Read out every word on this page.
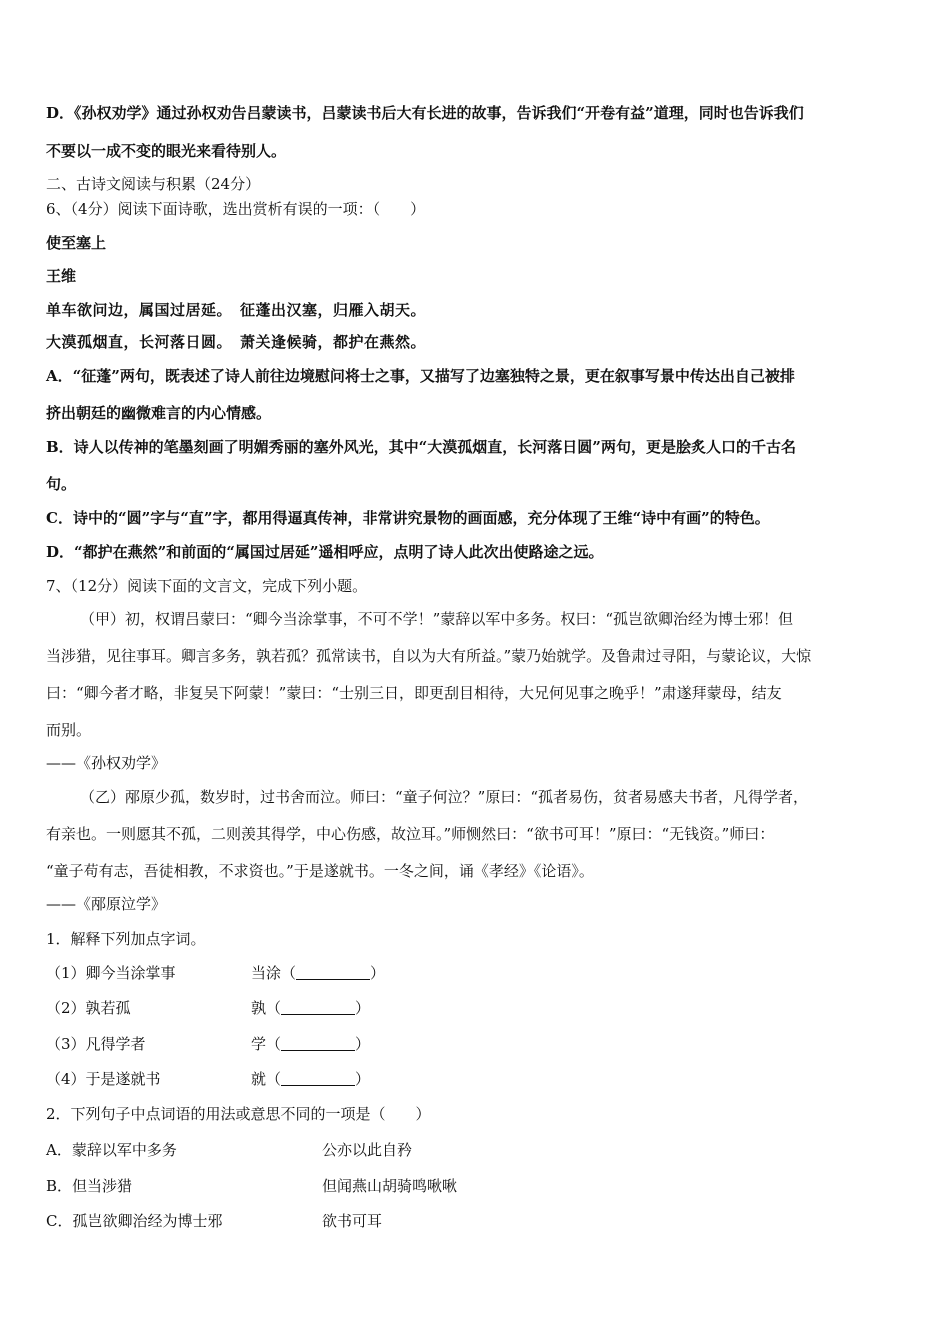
D．《孙权劝学》通过孙权劝告吕蒙读书，吕蒙读书后大有长进的故事，告诉我们“开卷有益”道理，同时也告诉我们
不要以一成不变的眼光来看待别人。
二、古诗文阅读与积累（24分）
6、（4分）阅读下面诗歌，选出赏析有误的一项：（　　）
使至塞上
王维
单车欲问边，属国过居延。　征蓬出汉塞，归雁入胡天。
大漠孤烟直，长河落日圆。　萧关逢候骑，都护在燕然。
A．“征蓬”两句，既表述了诗人前往边境慰问将士之事，又描写了边塞独特之景，更在叙事写景中传达出自己被排
挤出朝廷的幽微难言的内心情感。
B．诗人以传神的笔墨刻画了明媚秀丽的塞外风光，其中“大漠孤烟直，长河落日圆”两句，更是脍炙人口的千古名
句。
C．诗中的“圆”字与“直”字，都用得逼真传神，非常讲究景物的画面感，充分体现了王维“诗中有画”的特色。
D．“都护在燕然”和前面的“属国过居延”遥相呼应，点明了诗人此次出使路途之远。
7、（12分）阅读下面的文言文，完成下列小题。
（甲）初，权谓吕蒙曰：“卿今当涂掌事，不可不学！”蒙辞以军中多务。权曰：“孤岂欲卿治经为博士邪！但
当涉猎，见往事耳。卿言多务，孰若孤？孤常读书，自以为大有所益。”蒙乃始就学。及鲁肃过寻阳，与蒙论议，大惊
曰：“卿今者才略，非复吴下阿蒙！”蒙曰：“士别三日，即更刮目相待，大兄何见事之晚乎！”肃遂拜蒙母，结友
而别。
——《孙权劝学》
（乙）邴原少孤，数岁时，过书舍而泣。师曰：“童子何泣？”原曰：“孤者易伤，贫者易感夫书者，凡得学者，
有亲也。一则愿其不孤，二则羡其得学，中心伤感，故泣耳。”师恻然曰：“欲书可耳！”原曰：“无钱资。”师曰：
“童子苟有志，吾徒相教，不求资也。”于是遂就书。一冬之间，诵《孝经》《论语》。
——《邴原泣学》
1．解释下列加点字词。
（1）卿今当涂掌事	当涂（	）
（2）孰若孤	孰（	）
（3）凡得学者	学（	）
（4）于是遂就书	就（	）
2．下列句子中点词语的用法或意思不同的一项是（　　）
A．蒙辞以军中多务	公亦以此自矜
B．但当涉猎	但闻燕山胡骑鸣啾啾
C．孤岂欲卿治经为博士邪	欲书可耳
